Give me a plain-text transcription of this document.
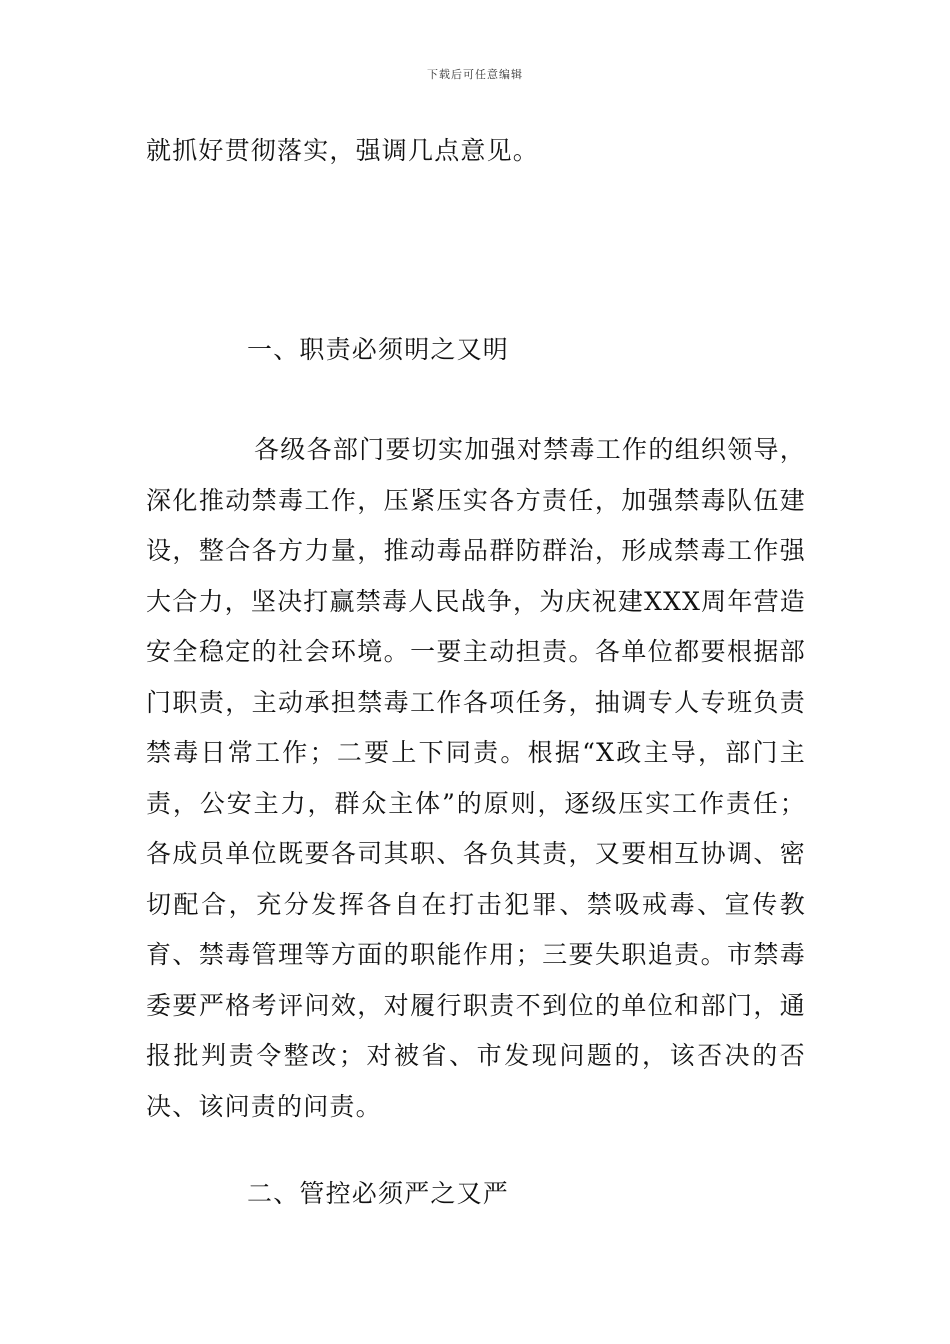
下载后可任意编辑
就抓好贯彻落实，强调几点意见。
一、职责必须明之又明
各级各部门要切实加强对禁毒工作的组织领导，深化推动禁毒工作，压紧压实各方责任，加强禁毒队伍建设，整合各方力量，推动毒品群防群治，形成禁毒工作强大合力，坚决打赢禁毒人民战争，为庆祝建XXX周年营造安全稳定的社会环境。一要主动担责。各单位都要根据部门职责，主动承担禁毒工作各项任务，抽调专人专班负责禁毒日常工作；二要上下同责。根据“X政主导，部门主责，公安主力，群众主体”的原则，逐级压实工作责任；各成员单位既要各司其职、各负其责，又要相互协调、密切配合，充分发挥各自在打击犯罪、禁吸戒毒、宣传教育、禁毒管理等方面的职能作用；三要失职追责。市禁毒委要严格考评问效，对履行职责不到位的单位和部门，通报批判责令整改；对被省、市发现问题的，该否决的否决、该问责的问责。
二、管控必须严之又严
